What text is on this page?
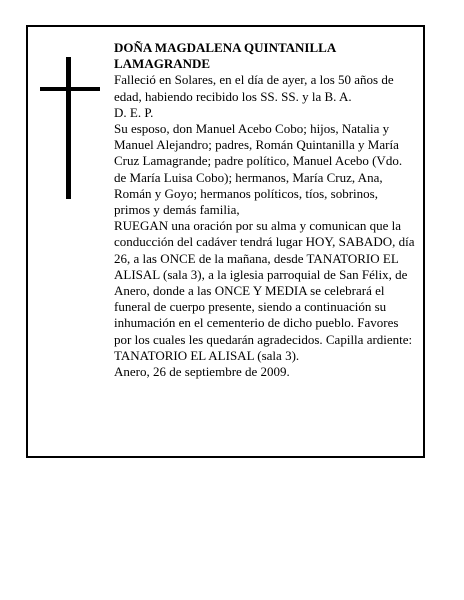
DOÑA MAGDALENA QUINTANILLA LAMAGRANDE

Falleció en Solares, en el día de ayer, a los 50 años de edad, habiendo recibido los SS. SS. y la B. A.

D. E. P.

Su esposo, don Manuel Acebo Cobo; hijos, Natalia y Manuel Alejandro; padres, Román Quintanilla y María Cruz Lamagrande; padre político, Manuel Acebo (Vdo. de María Luisa Cobo); hermanos, María Cruz, Ana, Román y Goyo; hermanos políticos, tíos, sobrinos, primos y demás familia,

RUEGAN una oración por su alma y comunican que la conducción del cadáver tendrá lugar HOY, SABADO, día 26, a las ONCE de la mañana, desde TANATORIO EL ALISAL (sala 3), a la iglesia parroquial de San Félix, de Anero, donde a las ONCE Y MEDIA se celebrará el funeral de cuerpo presente, siendo a continuación su inhumación en el cementerio de dicho pueblo. Favores por los cuales les quedarán agradecidos. Capilla ardiente: TANATORIO EL ALISAL (sala 3).

Anero, 26 de septiembre de 2009.
